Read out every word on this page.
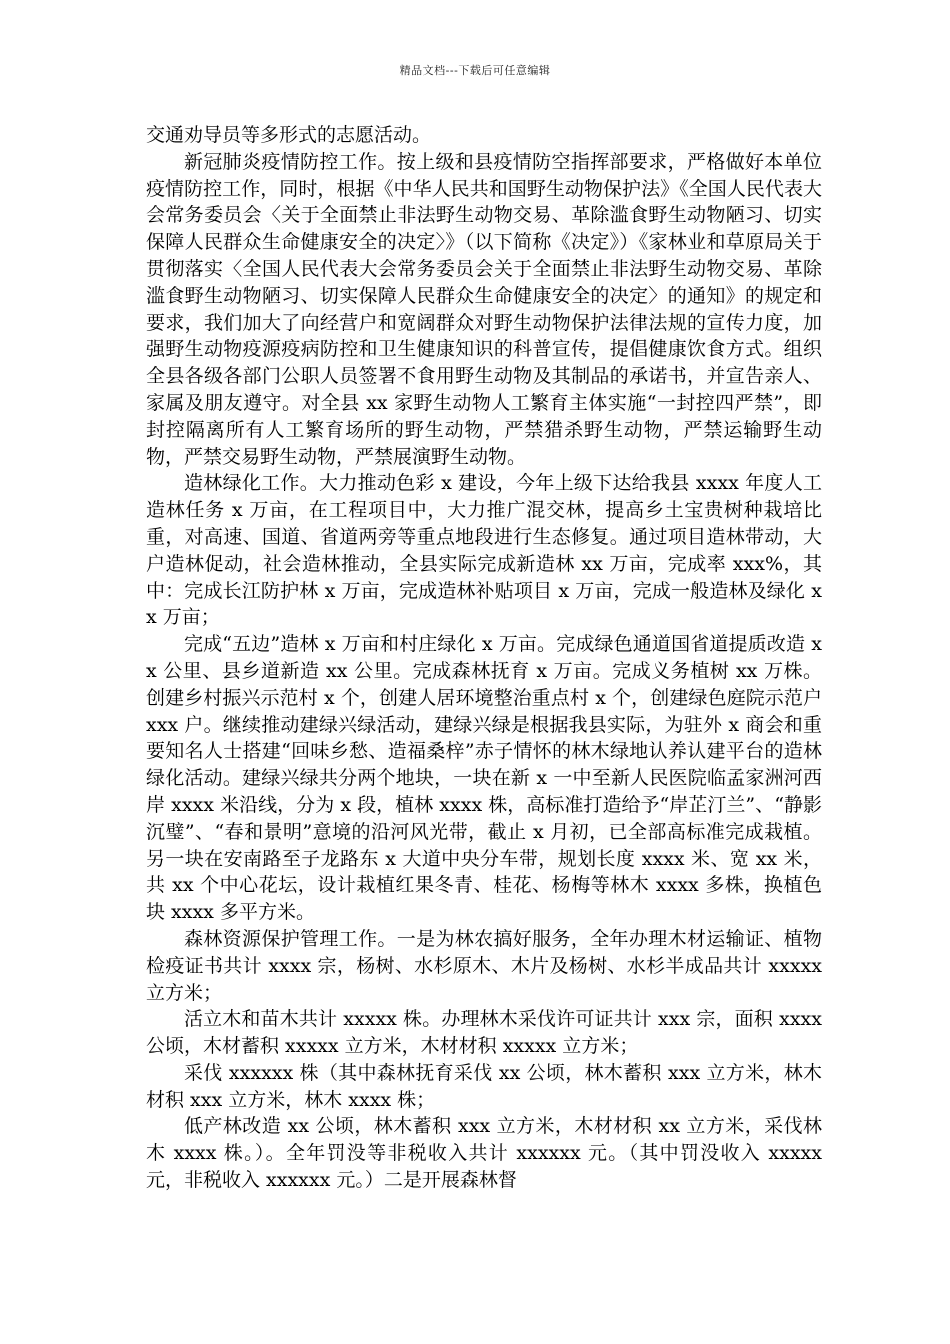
精品文档---下载后可任意编辑

交通劝导员等多形式的志愿活动。

新冠肺炎疫情防控工作。按上级和县疫情防空指挥部要求，严格做好本单位疫情防控工作，同时，根据《中华人民共和国野生动物保护法》《全国人民代表大会常务委员会〈关于全面禁止非法野生动物交易、革除滥食野生动物陋习、切实保障人民群众生命健康安全的决定〉》（以下简称《决定》）《家林业和草原局关于贯彻落实〈全国人民代表大会常务委员会关于全面禁止非法野生动物交易、革除滥食野生动物陋习、切实保障人民群众生命健康安全的决定〉的通知》的规定和要求，我们加大了向经营户和宽阔群众对野生动物保护法律法规的宣传力度，加强野生动物疫源疫病防控和卫生健康知识的科普宣传，提倡健康饮食方式。组织全县各级各部门公职人员签署不食用野生动物及其制品的承诺书，并宣告亲人、家属及朋友遵守。对全县 xx 家野生动物人工繁育主体实施“一封控四严禁”，即封控隔离所有人工繁育场所的野生动物，严禁猎杀野生动物，严禁运输野生动物，严禁交易野生动物，严禁展演野生动物。

造林绿化工作。大力推动色彩 x 建设，今年上级下达给我县 xxxx 年度人工造林任务 x 万亩，在工程项目中，大力推广混交林，提高乡土宝贵树种栽培比重，对高速、国道、省道两旁等重点地段进行生态修复。通过项目造林带动，大户造林促动，社会造林推动，全县实际完成新造林 xx 万亩，完成率 xxx%，其中：完成长江防护林 x 万亩，完成造林补贴项目 x 万亩，完成一般造林及绿化 xx 万亩；

完成“五边”造林 x 万亩和村庄绿化 x 万亩。完成绿色通道国省道提质改造 xx 公里、县乡道新造 xx 公里。完成森林抚育 x 万亩。完成义务植树 xx 万株。创建乡村振兴示范村 x 个，创建人居环境整治重点村 x 个，创建绿色庭院示范户 xxx 户。继续推动建绿兴绿活动，建绿兴绿是根据我县实际，为驻外 x 商会和重要知名人士搭建“回味乡愁、造福桑梓”赤子情怀的林木绿地认养认建平台的造林绿化活动。建绿兴绿共分两个地块，一块在新 x 一中至新人民医院临孟家洲河西岸 xxxx 米沿线，分为 x 段，植林 xxxx 株，高标准打造给予“岸芷汀兰”、“静影沉璧”、“春和景明”意境的沿河风光带，截止 x 月初，已全部高标准完成栽植。另一块在安南路至子龙路东 x 大道中央分车带，规划长度 xxxx 米、宽 xx 米，共 xx 个中心花坛，设计栽植红果冬青、桂花、杨梅等林木 xxxx 多株，换植色块 xxxx 多平方米。

森林资源保护管理工作。一是为林农搞好服务，全年办理木材运输证、植物检疫证书共计 xxxx 宗，杨树、水杉原木、木片及杨树、水杉半成品共计 xxxxx 立方米；

活立木和苗木共计 xxxxx 株。办理林木采伐许可证共计 xxx 宗，面积 xxxx 公顷，木材蓄积 xxxxx 立方米，木材材积 xxxxx 立方米；

采伐 xxxxxx 株（其中森林抚育采伐 xx 公顷，林木蓄积 xxx 立方米，林木材积 xxx 立方米，林木 xxxx 株；

低产林改造 xx 公顷，林木蓄积 xxx 立方米，木材材积 xx 立方米，采伐林木 xxxx 株。）。全年罚没等非税收入共计 xxxxxx 元。（其中罚没收入 xxxxx 元，非税收入 xxxxxx 元。）二是开展森林督
